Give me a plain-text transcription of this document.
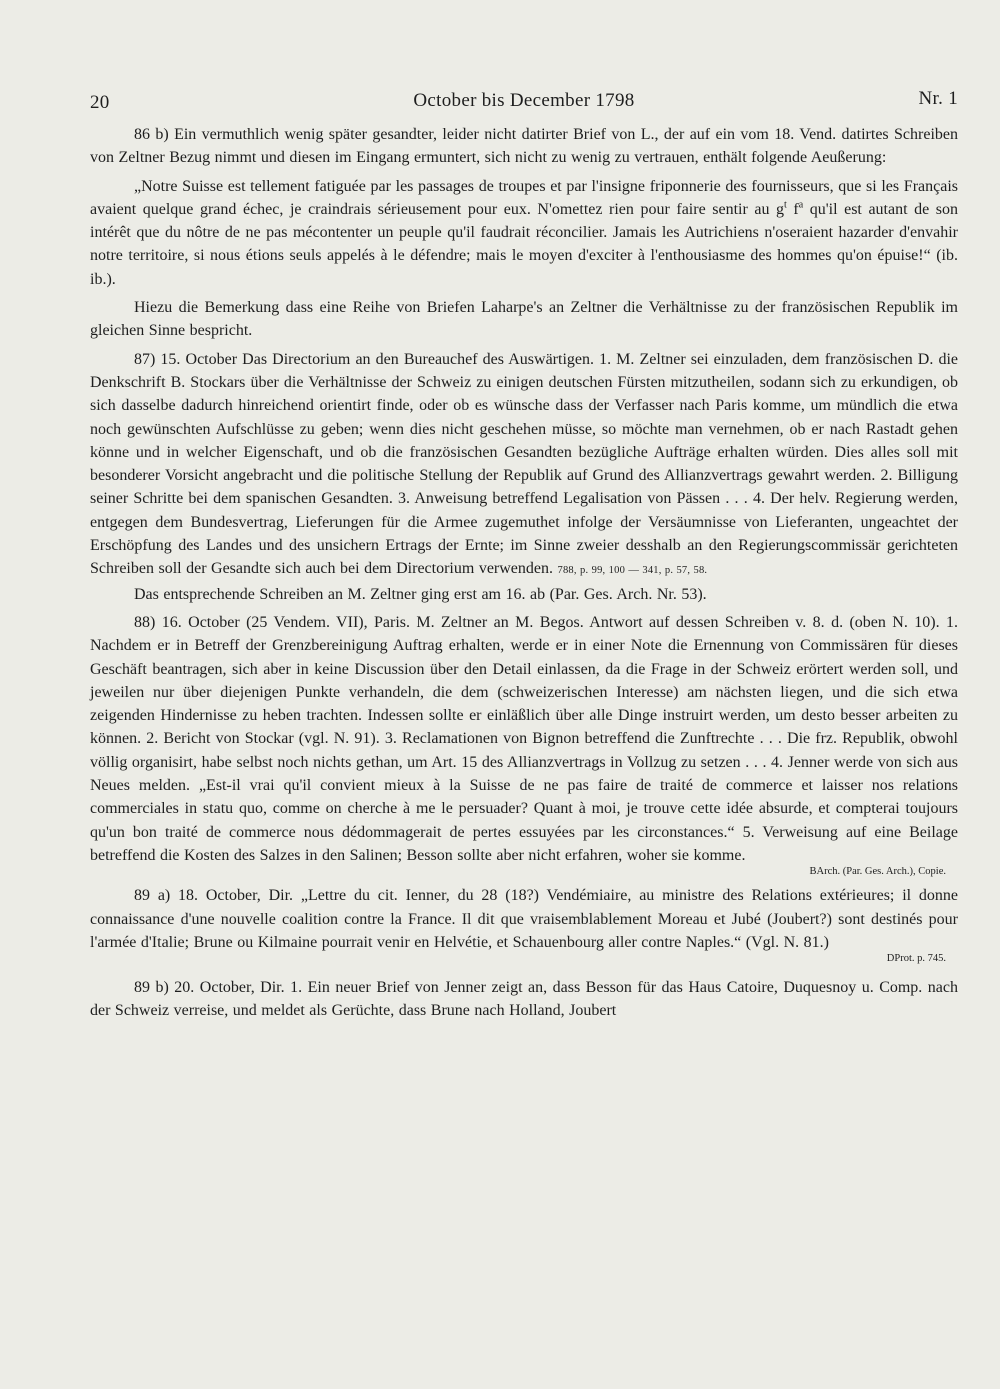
20	October bis December 1798	Nr. 1

86 b) Ein vermuthlich wenig später gesandter, leider nicht datirter Brief von L., der auf ein vom 18. Vend. datirtes Schreiben von Zeltner Bezug nimmt und diesen im Eingang ermuntert, sich nicht zu wenig zu vertrauen, enthält folgende Aeußerung:

„Notre Suisse est tellement fatiguée par les passages de troupes et par l'insigne friponnerie des fournisseurs, que si les Français avaient quelque grand échec, je craindrais sérieusement pour eux. N'omettez rien pour faire sentir au $g^t$ $f^a$ qu'il est autant de son intérêt que du nôtre de ne pas mécontenter un peuple qu'il faudrait réconcilier. Jamais les Autrichiens n'oseraient hazarder d'envahir notre territoire, si nous étions seuls appelés à le défendre; mais le moyen d'exciter à l'enthousiasme des hommes qu'on épuise!“ (ib. ib.).

Hiezu die Bemerkung dass eine Reihe von Briefen Laharpe's an Zeltner die Verhältnisse zu der französischen Republik im gleichen Sinne bespricht.

87) 15. October Das Directorium an den Bureauchef des Auswärtigen. 1. M. Zeltner sei einzuladen, dem französischen D. die Denkschrift B. Stockars über die Verhältnisse der Schweiz zu einigen deutschen Fürsten mitzutheilen, sodann sich zu erkundigen, ob sich dasselbe dadurch hinreichend orientirt finde, oder ob es wünsche dass der Verfasser nach Paris komme, um mündlich die etwa noch gewünschten Aufschlüsse zu geben; wenn dies nicht geschehen müsse, so möchte man vernehmen, ob er nach Rastadt gehen könne und in welcher Eigenschaft, und ob die französischen Gesandten bezügliche Aufträge erhalten würden. Dies alles soll mit besonderer Vorsicht angebracht und die politische Stellung der Republik auf Grund des Allianzvertrags gewahrt werden. 2. Billigung seiner Schritte bei dem spanischen Gesandten. 3. Anweisung betreffend Legalisation von Pässen . . . 4. Der helv. Regierung werden, entgegen dem Bundesvertrag, Lieferungen für die Armee zugemuthet infolge der Versäumnisse von Lieferanten, ungeachtet der Erschöpfung des Landes und des unsichern Ertrags der Ernte; im Sinne zweier desshalb an den Regierungscommissär gerichteten Schreiben soll der Gesandte sich auch bei dem Directorium verwenden. 788, p. 99, 100 — 341, p. 57, 58.

Das entsprechende Schreiben an M. Zeltner ging erst am 16. ab (Par. Ges. Arch. Nr. 53).

88) 16. October (25 Vendem. VII), Paris. M. Zeltner an M. Begos. Antwort auf dessen Schreiben v. 8. d. (oben N. 10). 1. Nachdem er in Betreff der Grenzbereinigung Auftrag erhalten, werde er in einer Note die Ernennung von Commissären für dieses Geschäft beantragen, sich aber in keine Discussion über den Detail einlassen, da die Frage in der Schweiz erörtert werden soll, und jeweilen nur über diejenigen Punkte verhandeln, die dem (schweizerischen Interesse) am nächsten liegen, und die sich etwa zeigenden Hindernisse zu heben trachten. Indessen sollte er einläßlich über alle Dinge instruirt werden, um desto besser arbeiten zu können. 2. Bericht von Stockar (vgl. N. 91). 3. Reclamationen von Bignon betreffend die Zunftrechte . . . Die frz. Republik, obwohl völlig organisirt, habe selbst noch nichts gethan, um Art. 15 des Allianzvertrags in Vollzug zu setzen . . . 4. Jenner werde von sich aus Neues melden. „Est-il vrai qu'il convient mieux à la Suisse de ne pas faire de traité de commerce et laisser nos relations commerciales in statu quo, comme on cherche à me le persuader? Quant à moi, je trouve cette idée absurde, et compterai toujours qu'un bon traité de commerce nous dédommagerait de pertes essuyées par les circonstances.“ 5. Verweisung auf eine Beilage betreffend die Kosten des Salzes in den Salinen; Besson sollte aber nicht erfahren, woher sie komme.

BArch. (Par. Ges. Arch.), Copie.

89 a) 18. October, Dir. „Lettre du cit. Ienner, du 28 (18?) Vendémiaire, au ministre des Relations extérieures; il donne connaissance d'une nouvelle coalition contre la France. Il dit que vraisemblablement Moreau et Jubé (Joubert?) sont destinés pour l'armée d'Italie; Brune ou Kilmaine pourrait venir en Helvétie, et Schauenbourg aller contre Naples.“ (Vgl. N. 81.)

DProt. p. 745.

89 b) 20. October, Dir. 1. Ein neuer Brief von Jenner zeigt an, dass Besson für das Haus Catoire, Duquesnoy u. Comp. nach der Schweiz verreise, und meldet als Gerüchte, dass Brune nach Holland, Joubert
